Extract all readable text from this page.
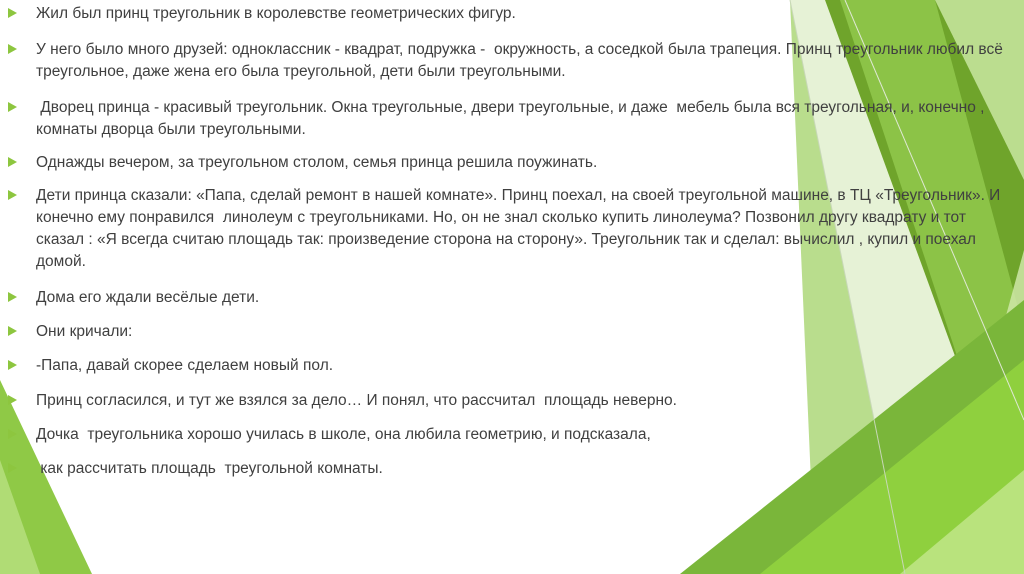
Жил был принц треугольник в королевстве геометрических фигур.
У него было много друзей: одноклассник - квадрат, подружка -  окружность, а соседкой была трапеция. Принц треугольник любил всё треугольное, даже жена его была треугольной, дети были треугольными.
Дворец принца - красивый треугольник. Окна треугольные, двери треугольные, и даже  мебель была вся треугольная, и, конечно , комнаты дворца были треугольными.
Однажды вечером, за треугольном столом, семья принца решила поужинать.
Дети принца сказали: «Папа, сделай ремонт в нашей комнате». Принц поехал, на своей треугольной машине, в ТЦ «Треугольник». И конечно ему понравился  линолеум с треугольниками. Но, он не знал сколько купить линолеума? Позвонил другу квадрату и тот сказал : «Я всегда считаю площадь так: произведение сторона на сторону». Треугольник так и сделал: вычислил , купил и поехал домой.
Дома его ждали весёлые дети.
Они кричали:
-Папа, давай скорее сделаем новый пол.
Принц согласился, и тут же взялся за дело… И понял, что рассчитал  площадь неверно.
Дочка  треугольника хорошо училась в школе, она любила геометрию, и подсказала,
как рассчитать площадь  треугольной комнаты.
